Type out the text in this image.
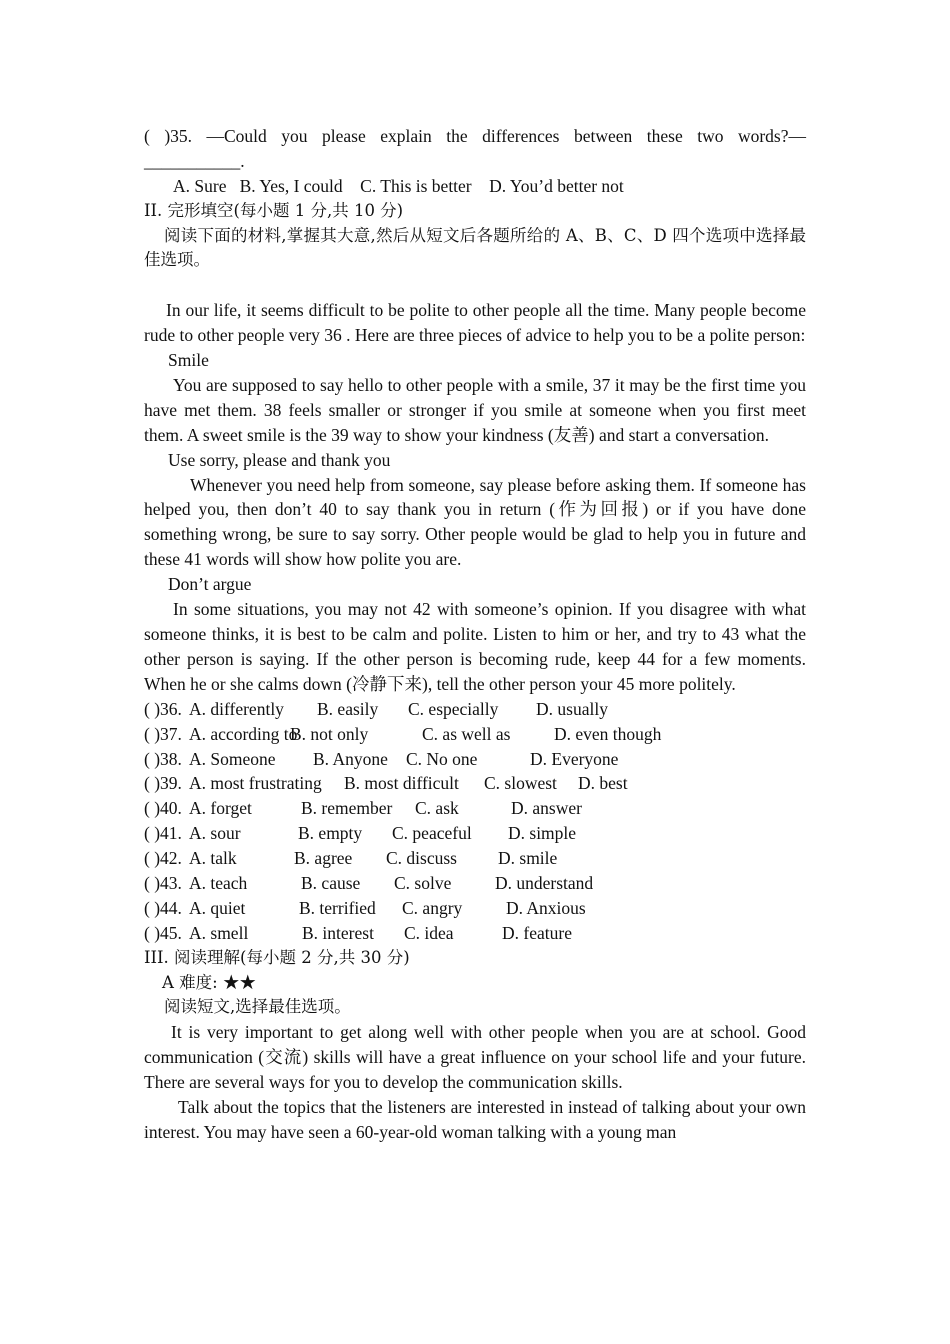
( )35. —Could you please explain the differences between these two words?—
___________.
A. Sure   B. Yes, I could    C. This is better    D. You’d better not
II. 完形填空(每小题 1 分,共 10 分)

阅读下面的材料,掌握其大意,然后从短文后各题所给的 A、B、C、D 四个选项中选择最佳选项。

In our life, it seems difficult to be polite to other people all the time. Many people become rude to other people very 36 . Here are three pieces of advice to help you to be a polite person:

Smile

You are supposed to say hello to other people with a smile, 37 it may be the first time you have met them. 38 feels smaller or stronger if you smile at someone when you first meet them. A sweet smile is the 39 way to show your kindness (友善) and start a conversation.

Use sorry, please and thank you

Whenever you need help from someone, say please before asking them. If someone has helped you, then don’t 40 to say thank you in return (作为回报) or if you have done something wrong, be sure to say sorry. Other people would be glad to help you in future and these 41 words will show how polite you are.

Don’t argue

In some situations, you may not 42 with someone’s opinion. If you disagree with what someone thinks, it is best to be calm and polite. Listen to him or her, and try to 43 what the other person is saying. If the other person is becoming rude, keep 44 for a few moments. When he or she calms down (冷静下来), tell the other person your 45 more politely.

( )36. A. differently B. easily C. especially D. usually
( )37. A. according to
B. not only	C. as well as D. even though
( )38. A. Someone B. Anyone C. No one	D. Everyone
( )39. A. most frustrating B. most difficult C. slowest D. best
( )40. A. forget	B. remember C. ask	D. answer
( )41. A. sour	B. empty C. peaceful D. simple
( )42. A. talk	B. agree C. discuss D. smile
( )43. A. teach	B. cause C. solve D. understand
( )44. A. quiet	B. terrified C. angry D. Anxious
( )45. A. smell	B. interest C. idea	D. feature
III. 阅读理解(每小题 2 分,共 30 分)
A 难度: ★★
阅读短文,选择最佳选项。

It is very important to get along well with other people when you are at school. Good communication (交流) skills will have a great influence on your school life and your future. There are several ways for you to develop the communication skills.

Talk about the topics that the listeners are interested in instead of talking about your own interest. You may have seen a 60-year-old woman talking with a young man
